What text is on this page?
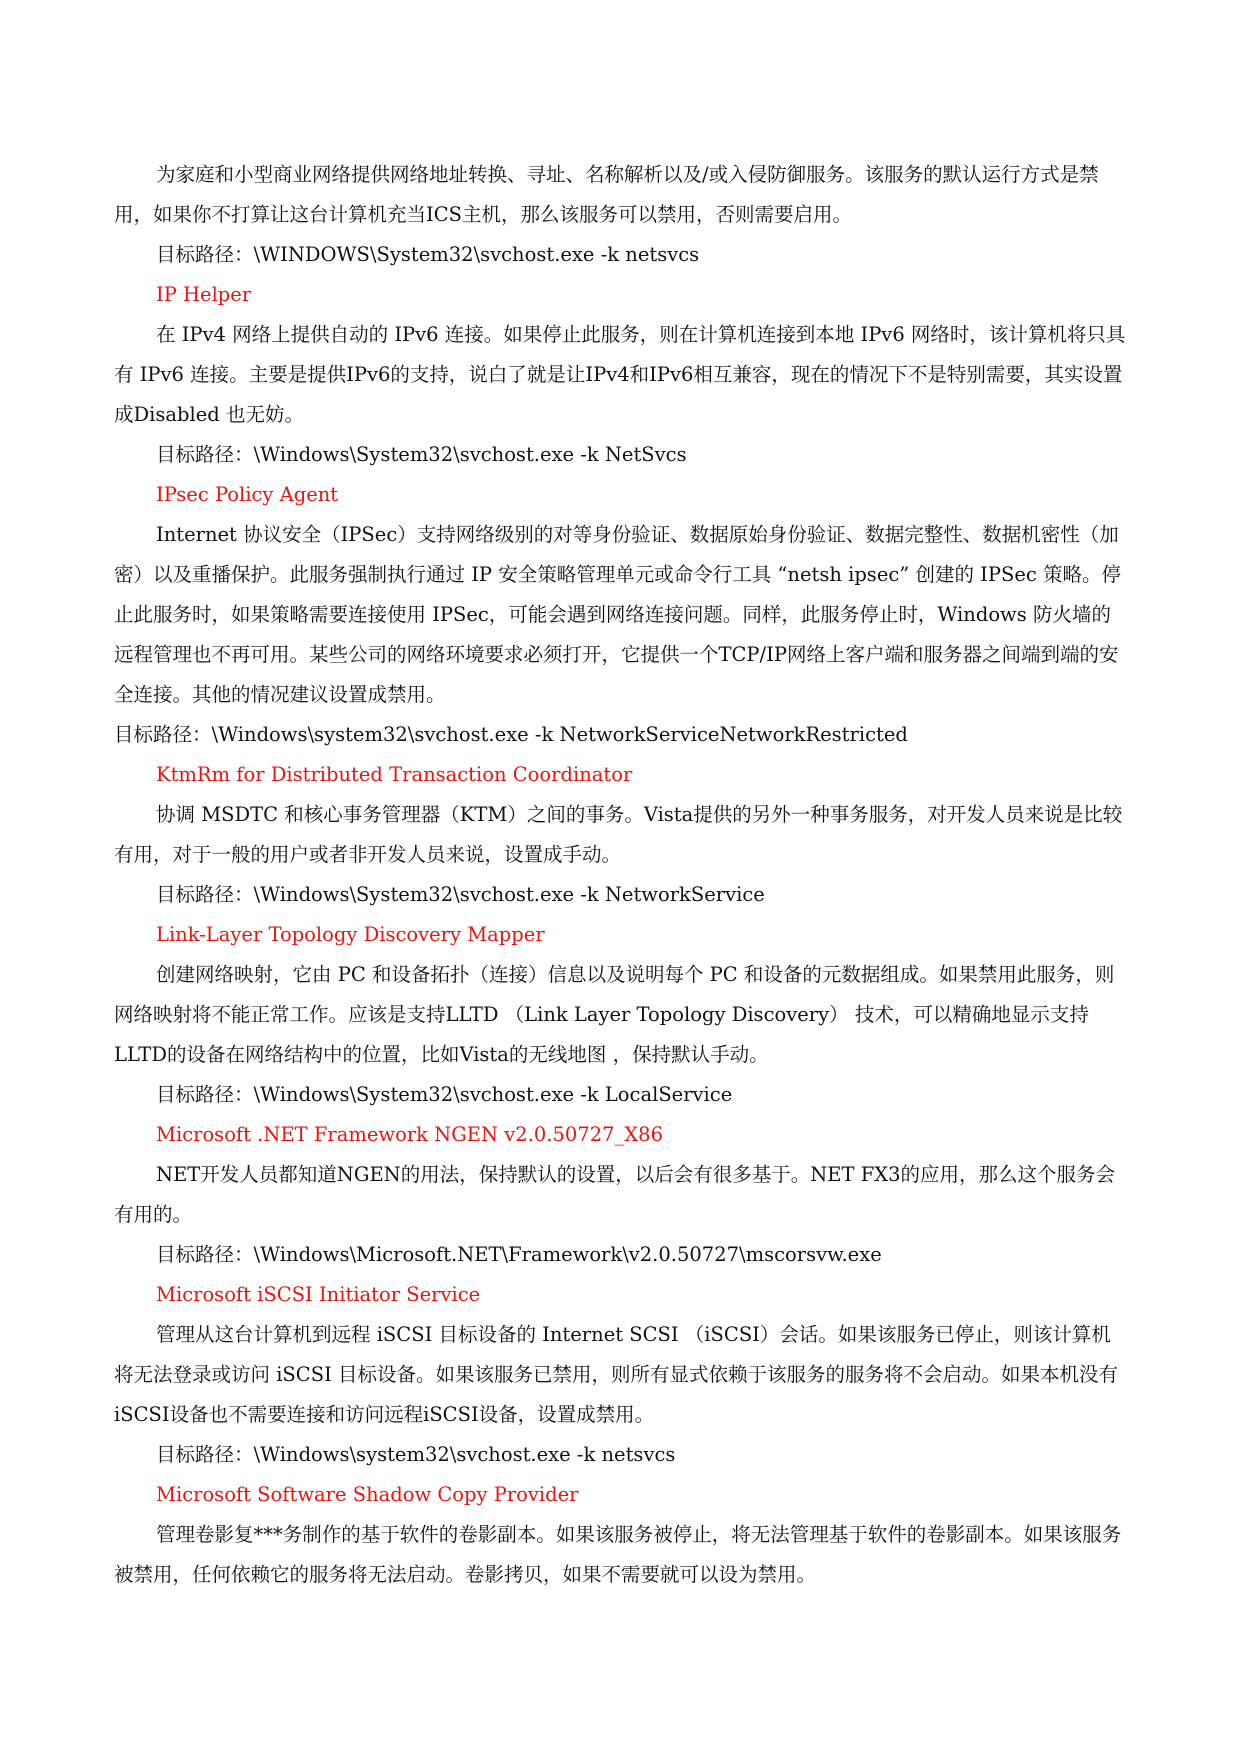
为家庭和小型商业网络提供网络地址转换、寻址、名称解析以及/或入侵防御服务。该服务的默认运行方式是禁用，如果你不打算让这台计算机充当ICS主机，那么该服务可以禁用，否则需要启用。

目标路径：\WINDOWS\System32\svchost.exe -k netsvcs

IP Helper

在 IPv4 网络上提供自动的 IPv6 连接。如果停止此服务，则在计算机连接到本地 IPv6 网络时，该计算机将只具有 IPv6 连接。主要是提供IPv6的支持，说白了就是让IPv4和IPv6相互兼容，现在的情况下不是特别需要，其实设置成Disabled 也无妨。

目标路径：\Windows\System32\svchost.exe -k NetSvcs

IPsec Policy Agent

Internet 协议安全（IPSec）支持网络级别的对等身份验证、数据原始身份验证、数据完整性、数据机密性（加密）以及重播保护。此服务强制执行通过 IP 安全策略管理单元或命令行工具 “netsh ipsec” 创建的 IPSec 策略。停止此服务时，如果策略需要连接使用 IPSec，可能会遇到网络连接问题。同样，此服务停止时，Windows 防火墙的远程管理也不再可用。某些公司的网络环境要求必须打开，它提供一个TCP/IP网络上客户端和服务器之间端到端的安全连接。其他的情况建议设置成禁用。

目标路径：\Windows\system32\svchost.exe -k NetworkServiceNetworkRestricted

KtmRm for Distributed Transaction Coordinator

协调 MSDTC 和核心事务管理器（KTM）之间的事务。Vista提供的另外一种事务服务，对开发人员来说是比较有用，对于一般的用户或者非开发人员来说，设置成手动。

目标路径：\Windows\System32\svchost.exe -k NetworkService

Link-Layer Topology Discovery Mapper

创建网络映射，它由 PC 和设备拓扑（连接）信息以及说明每个 PC 和设备的元数据组成。如果禁用此服务，则网络映射将不能正常工作。应该是支持LLTD （Link Layer Topology Discovery） 技术，可以精确地显示支持LLTD的设备在网络结构中的位置，比如Vista的无线地图 ，保持默认手动。

目标路径：\Windows\System32\svchost.exe -k LocalService

Microsoft .NET Framework NGEN v2.0.50727_X86

NET开发人员都知道NGEN的用法，保持默认的设置，以后会有很多基于。NET FX3的应用，那么这个服务会有用的。

目标路径：\Windows\Microsoft.NET\Framework\v2.0.50727\mscorsvw.exe

Microsoft iSCSI Initiator Service

管理从这台计算机到远程 iSCSI 目标设备的 Internet SCSI （iSCSI）会话。如果该服务已停止，则该计算机将无法登录或访问 iSCSI 目标设备。如果该服务已禁用，则所有显式依赖于该服务的服务将不会启动。如果本机没有iSCSI设备也不需要连接和访问远程iSCSI设备，设置成禁用。

目标路径：\Windows\system32\svchost.exe -k netsvcs

Microsoft Software Shadow Copy Provider

管理卷影复***务制作的基于软件的卷影副本。如果该服务被停止，将无法管理基于软件的卷影副本。如果该服务被禁用，任何依赖它的服务将无法启动。卷影拷贝，如果不需要就可以设为禁用。
